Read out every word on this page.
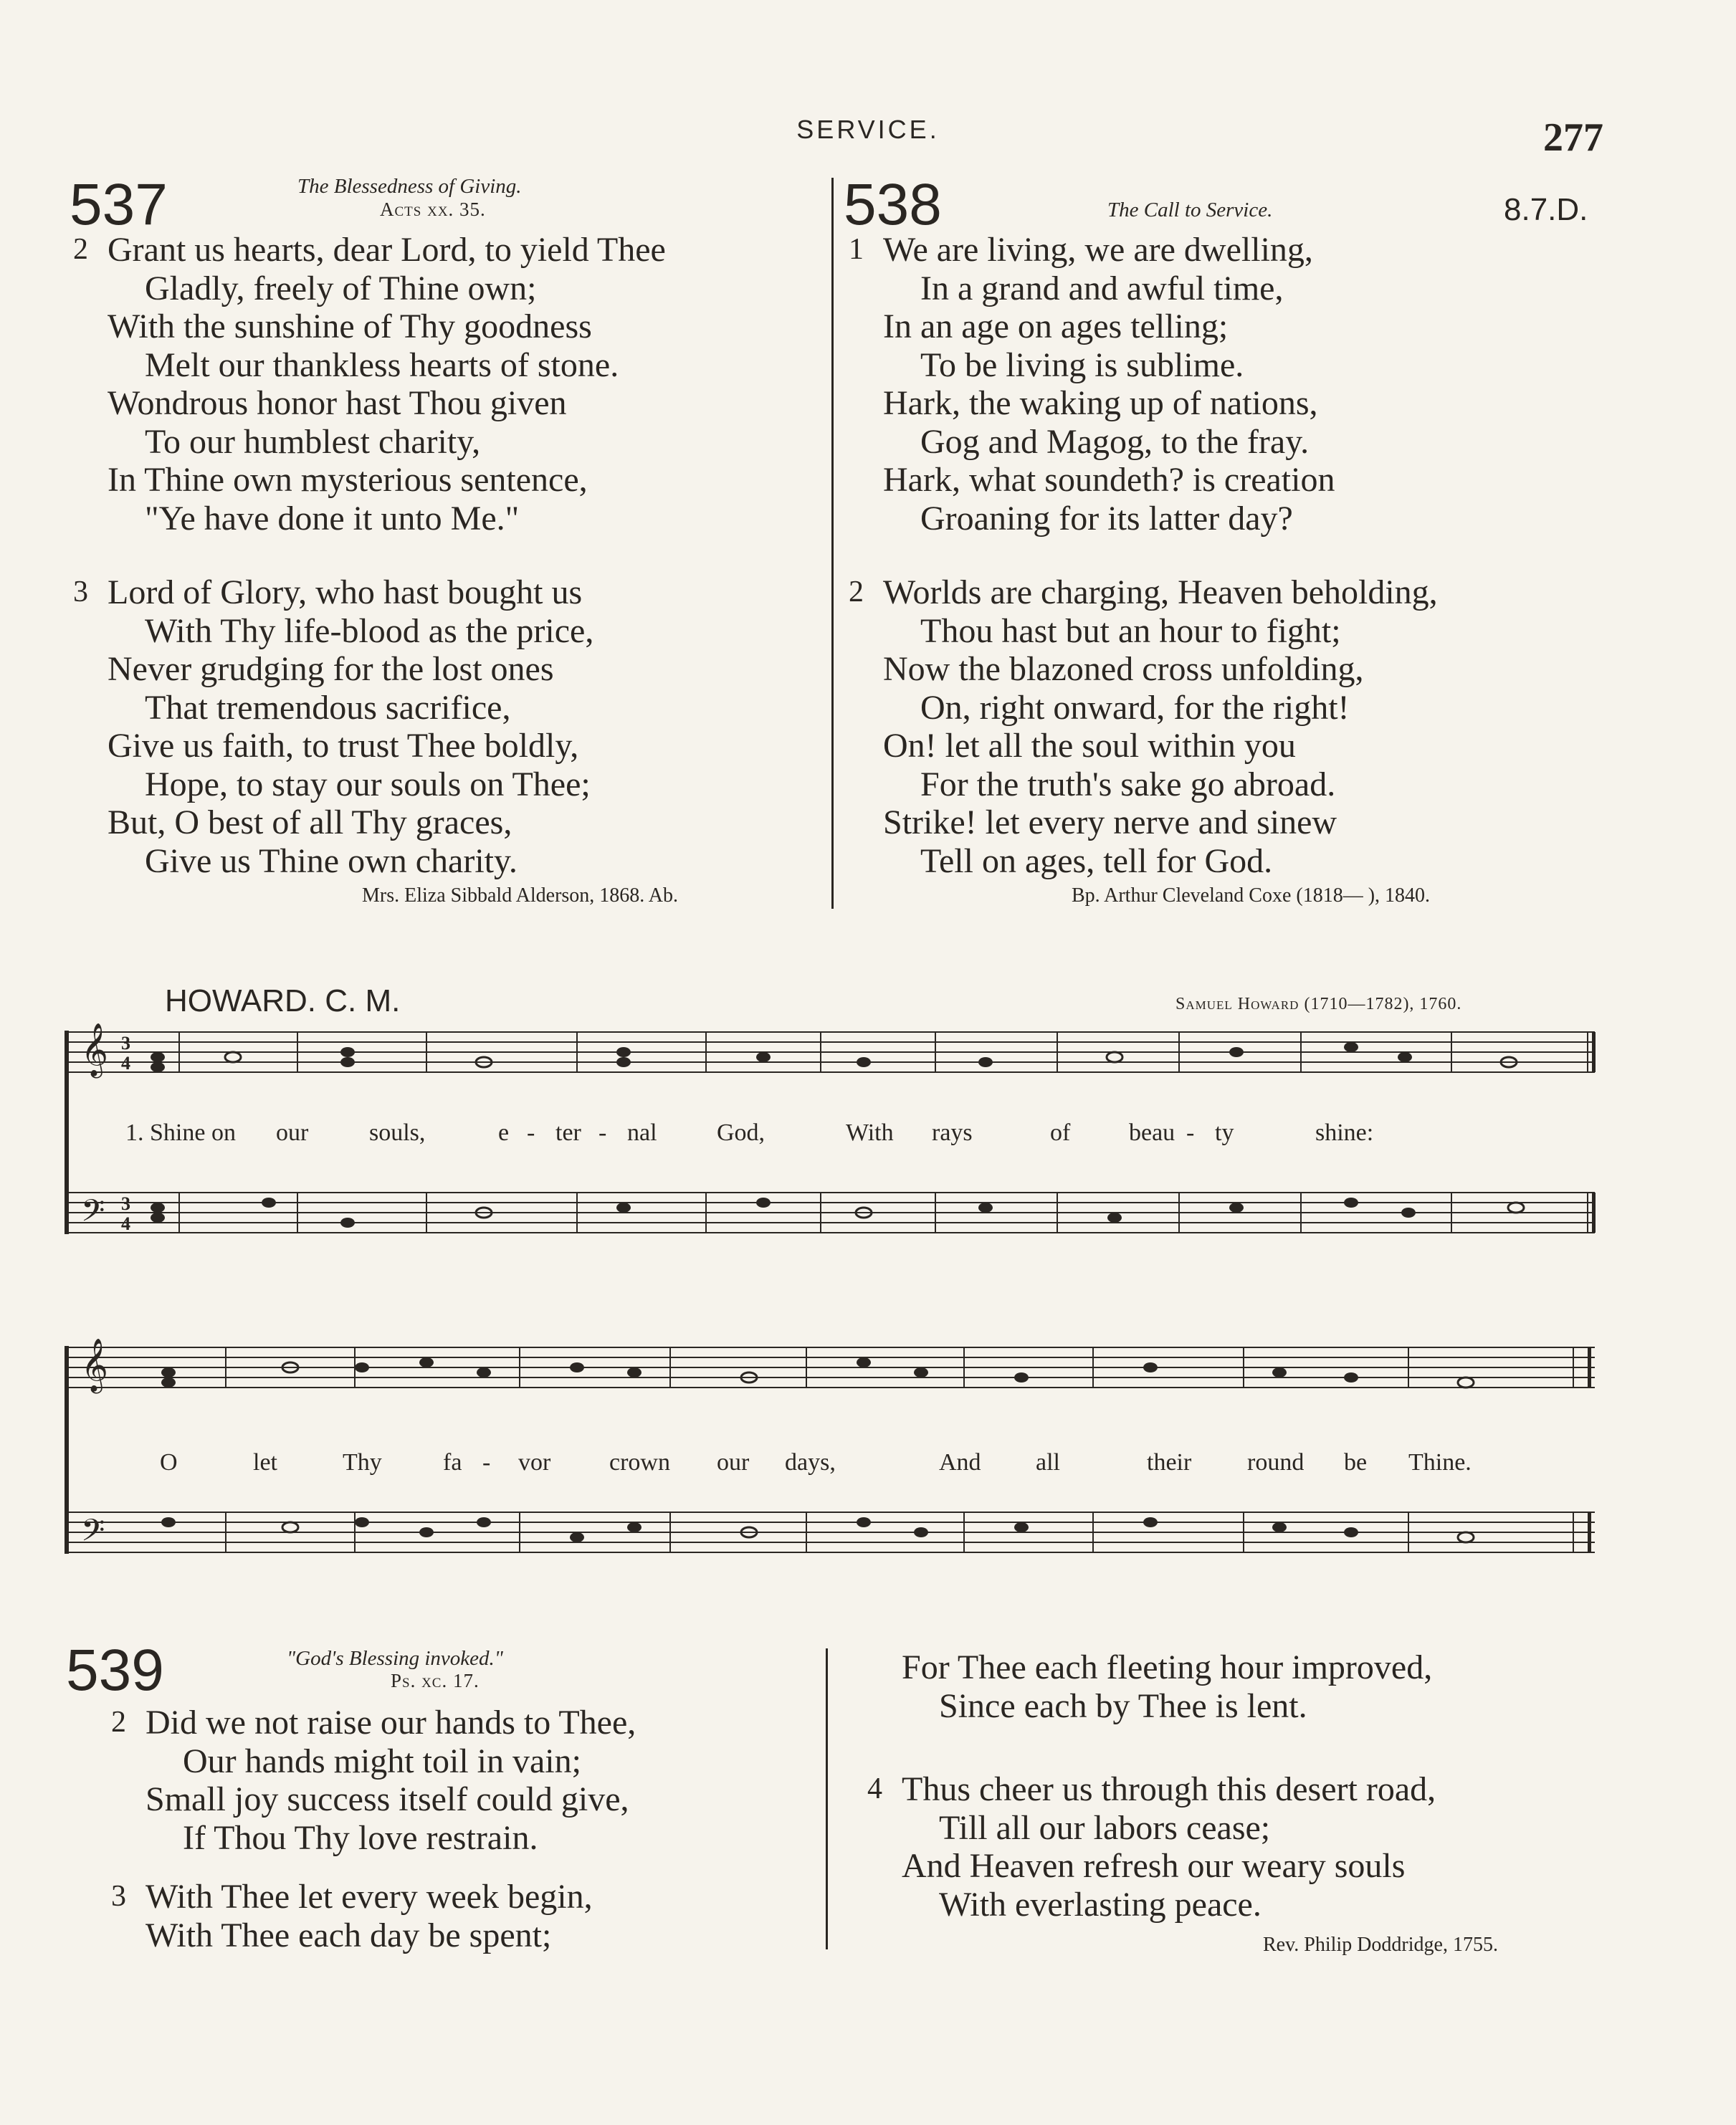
SERVICE.	277
537	The Blessedness of Giving.
Acts xx. 35.
2 Grant us hearts, dear Lord, to yield Thee
Gladly, freely of Thine own;
With the sunshine of Thy goodness
Melt our thankless hearts of stone.
Wondrous honor hast Thou given
To our humblest charity,
In Thine own mysterious sentence,
"Ye have done it unto Me."
3 Lord of Glory, who hast bought us
With Thy life-blood as the price,
Never grudging for the lost ones
That tremendous sacrifice,
Give us faith, to trust Thee boldly,
Hope, to stay our souls on Thee;
But, O best of all Thy graces,
Give us Thine own charity.
Mrs. Eliza Sibbald Alderson, 1868. Ab.
538	The Call to Service.	8.7.D.
1 We are living, we are dwelling,
In a grand and awful time,
In an age on ages telling;
To be living is sublime.
Hark, the waking up of nations,
Gog and Magog, to the fray.
Hark, what soundeth? is creation
Groaning for its latter day?
2 Worlds are charging, Heaven beholding,
Thou hast but an hour to fight;
Now the blazoned cross unfolding,
On, right onward, for the right!
On! let all the soul within you
For the truth's sake go abroad.
Strike! let every nerve and sinew
Tell on ages, tell for God.
Bp. Arthur Cleveland Coxe (1818— ), 1840.
HOWARD. C. M.	Samuel Howard (1710—1782), 1760.
𝄞
𝄢
3
4
3
4
1. Shine on	our	souls,	e - ter - nal	God,	With	rays	of	beau - ty	shine:
𝄞
𝄢
O	let	Thy	fa -	vor	crown	our	days,	And	all	their	round	be	Thine.
539	"God's Blessing invoked."
Ps. xc. 17.
2 Did we not raise our hands to Thee,
Our hands might toil in vain;
Small joy success itself could give,
If Thou Thy love restrain.
3 With Thee let every week begin,
With Thee each day be spent;
For Thee each fleeting hour improved,
Since each by Thee is lent.
4 Thus cheer us through this desert road,
Till all our labors cease;
And Heaven refresh our weary souls
With everlasting peace.
Rev. Philip Doddridge, 1755.
